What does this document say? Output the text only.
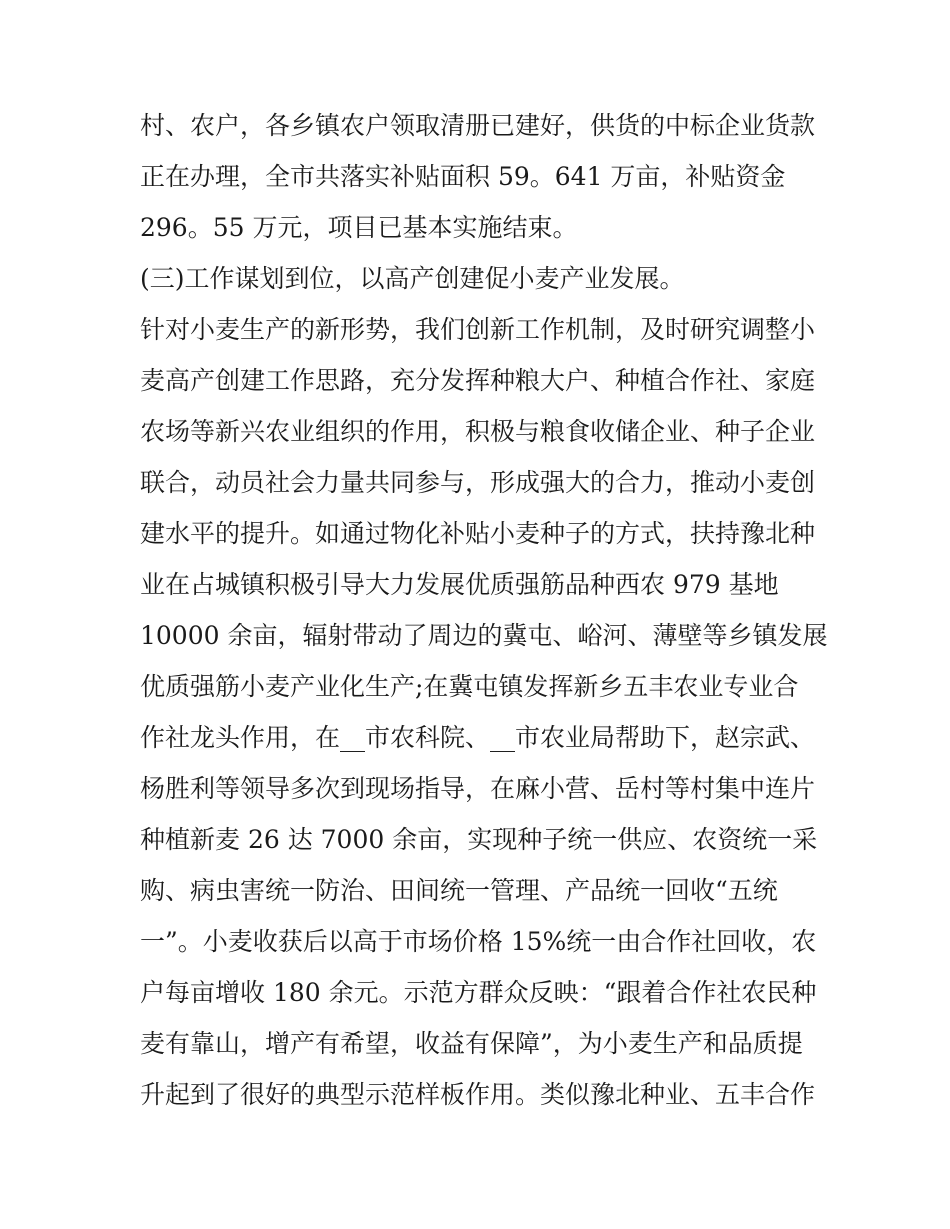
村、农户，各乡镇农户领取清册已建好，供货的中标企业货款
正在办理，全市共落实补贴面积 59。641 万亩，补贴资金
296。55 万元，项目已基本实施结束。
(三)工作谋划到位，以高产创建促小麦产业发展。
针对小麦生产的新形势，我们创新工作机制，及时研究调整小
麦高产创建工作思路，充分发挥种粮大户、种植合作社、家庭
农场等新兴农业组织的作用，积极与粮食收储企业、种子企业
联合，动员社会力量共同参与，形成强大的合力，推动小麦创
建水平的提升。如通过物化补贴小麦种子的方式，扶持豫北种
业在占城镇积极引导大力发展优质强筋品种西农 979 基地
10000 余亩，辐射带动了周边的冀屯、峪河、薄壁等乡镇发展
优质强筋小麦产业化生产;在冀屯镇发挥新乡五丰农业专业合
作社龙头作用，在__市农科院、__市农业局帮助下，赵宗武、
杨胜利等领导多次到现场指导，在麻小营、岳村等村集中连片
种植新麦 26 达 7000 余亩，实现种子统一供应、农资统一采
购、病虫害统一防治、田间统一管理、产品统一回收“五统
一”。小麦收获后以高于市场价格 15%统一由合作社回收，农
户每亩增收 180 余元。示范方群众反映：“跟着合作社农民种
麦有靠山，增产有希望，收益有保障”，为小麦生产和品质提
升起到了很好的典型示范样板作用。类似豫北种业、五丰合作
